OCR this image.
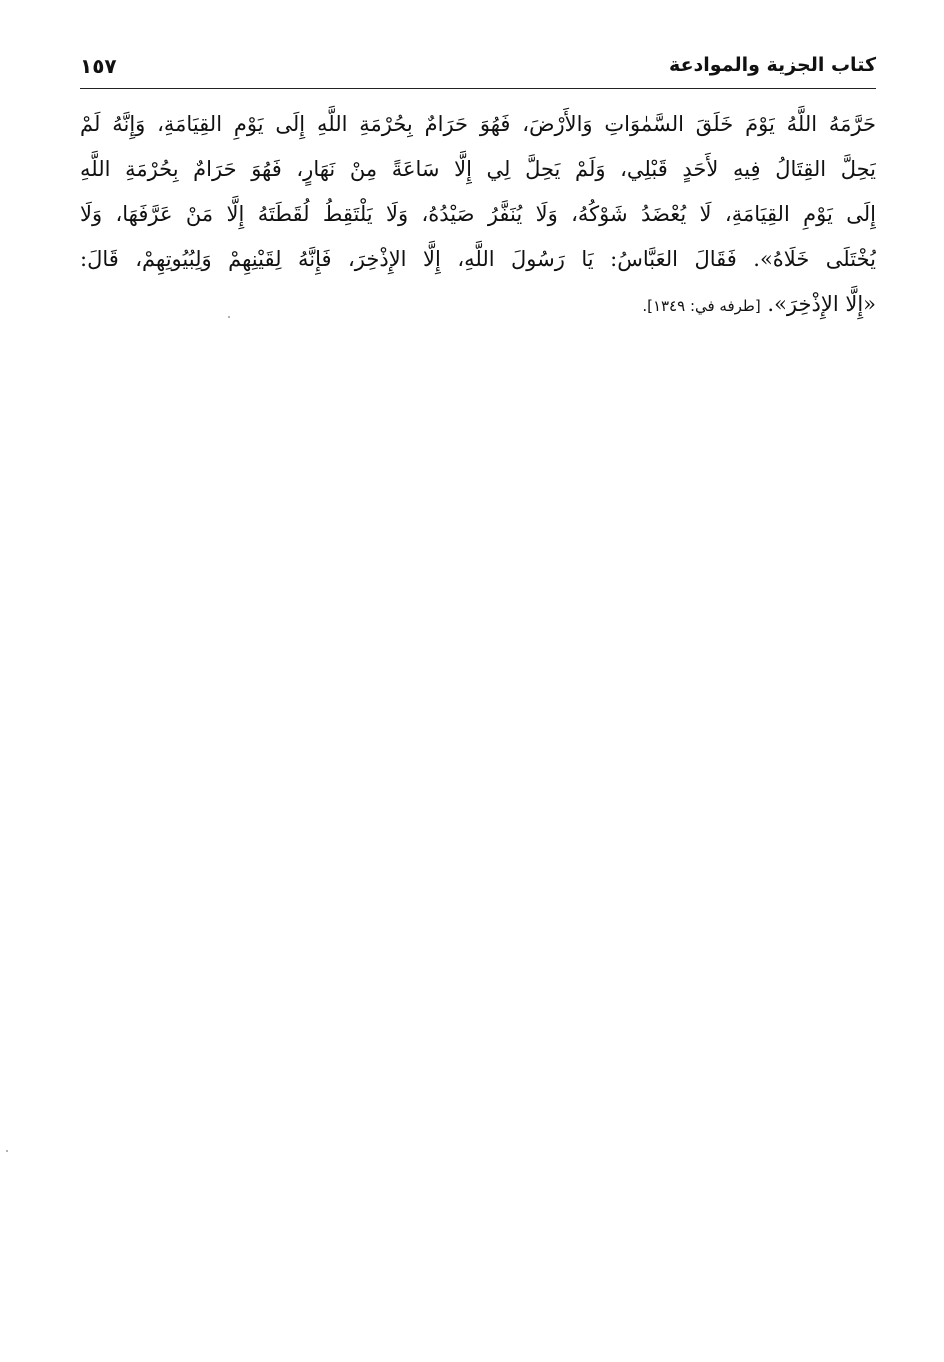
كتاب الجزية والموادعة
١٥٧
حَرَّمَهُ اللَّهُ يَوْمَ خَلَقَ السَّمٰوَاتِ وَالأَرْضَ، فَهُوَ حَرَامٌ بِحُرْمَةِ اللَّهِ إِلَى يَوْمِ القِيَامَةِ، وَإِنَّهُ لَمْ
يَحِلَّ القِتَالُ فِيهِ لأَحَدٍ قَبْلِي، وَلَمْ يَحِلَّ لِي إِلَّا سَاعَةً مِنْ نَهَارٍ، فَهُوَ حَرَامٌ بِحُرْمَةِ اللَّهِ
إِلَى يَوْمِ القِيَامَةِ، لَا يُعْضَدُ شَوْكُهُ، وَلَا يُنَفَّرُ صَيْدُهُ، وَلَا يَلْتَقِطُ لُقَطَتَهُ إِلَّا مَنْ عَرَّفَهَا، وَلَا
يُخْتَلَى خَلَاهُ». فَقَالَ العَبَّاسُ: يَا رَسُولَ اللَّهِ، إِلَّا الإِذْخِرَ، فَإِنَّهُ لِقَيْنِهِمْ وَلِبُيُوتِهِمْ، قَالَ:
«إِلَّا الإِذْخِرَ». [طرفه في: ١٣٤٩].
